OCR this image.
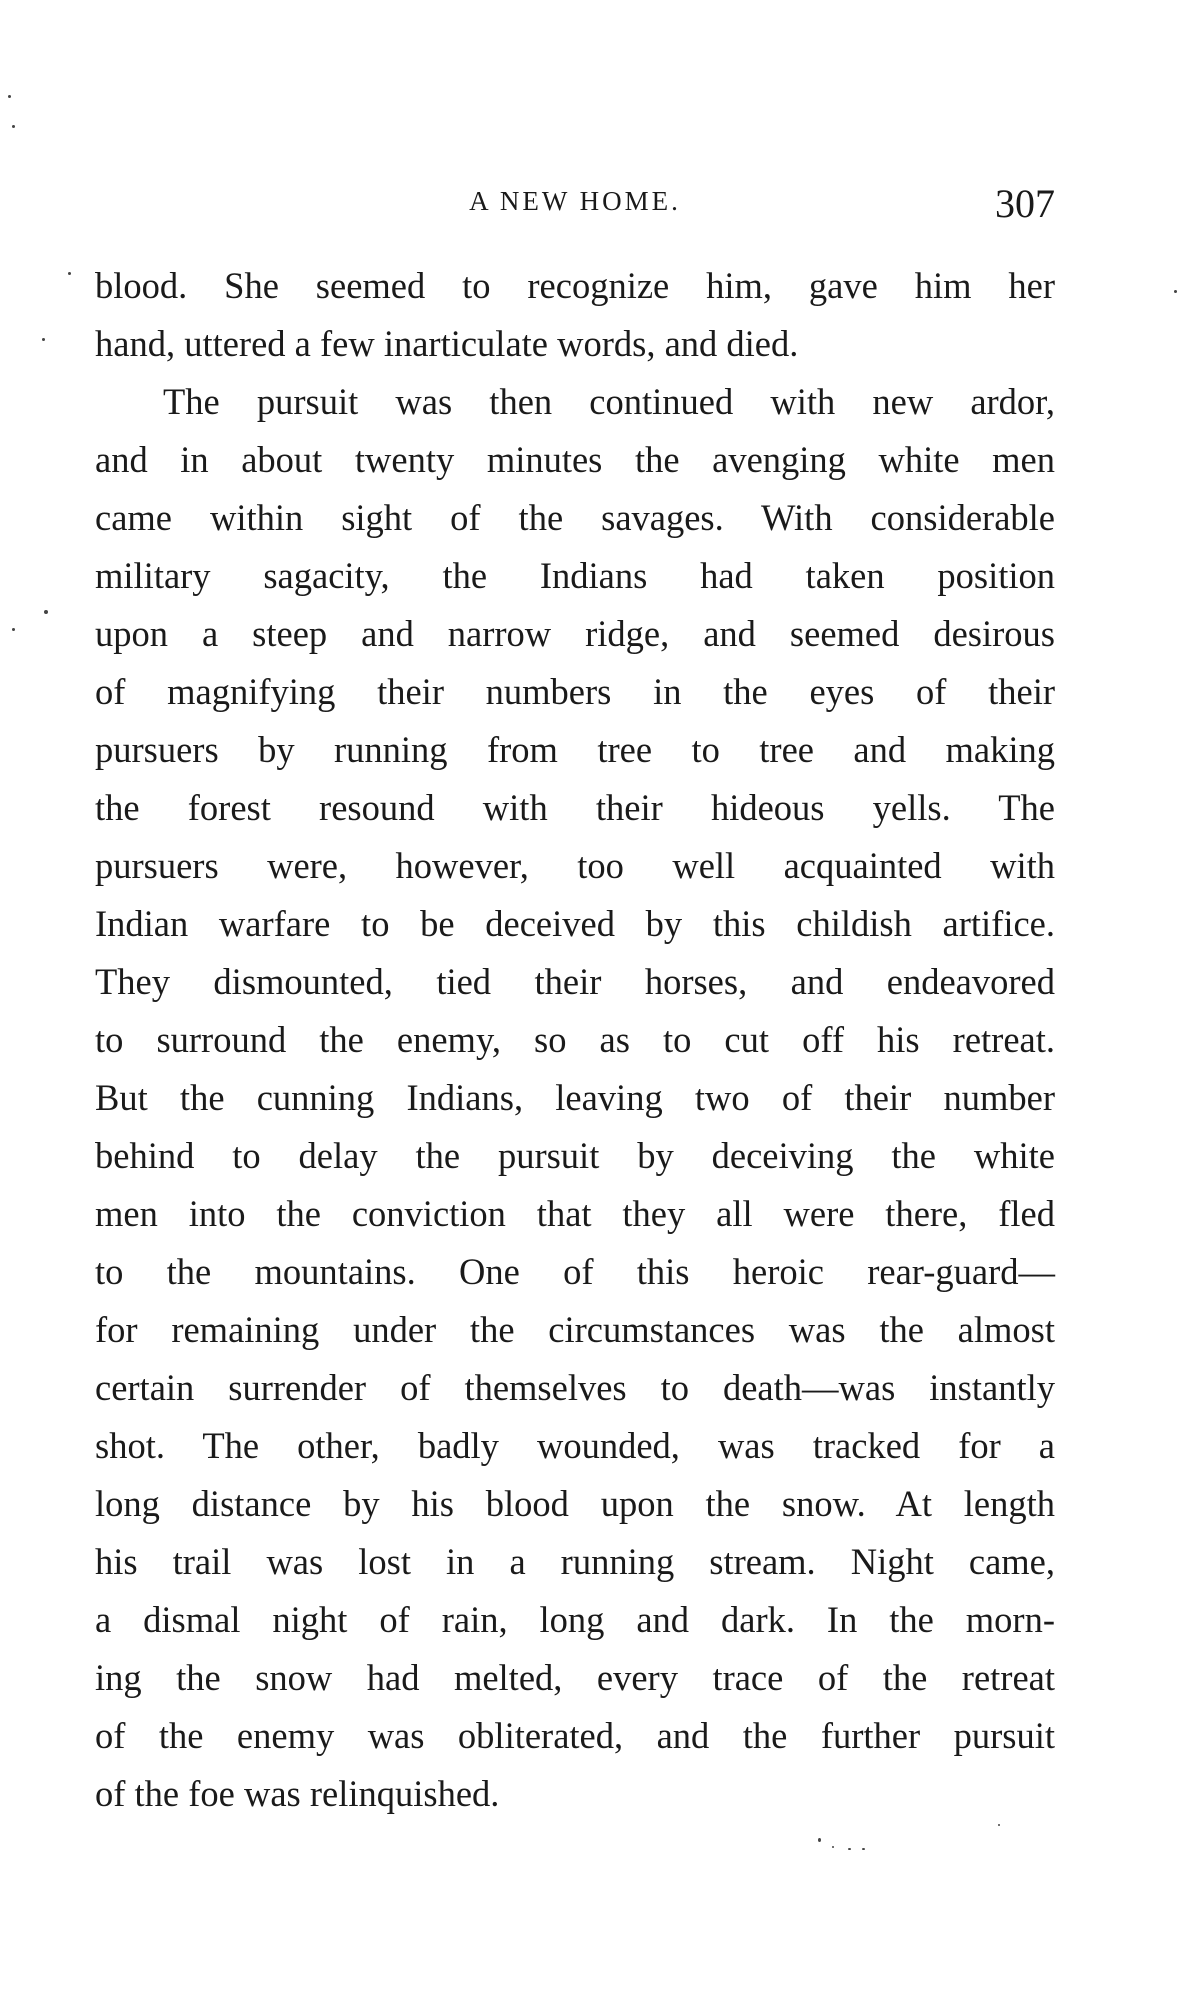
A NEW HOME.	307
blood. She seemed to recognize him, gave him her
hand, uttered a few inarticulate words, and died.
The pursuit was then continued with new ardor,
and in about twenty minutes the avenging white men
came within sight of the savages. With considerable
military sagacity, the Indians had taken position
upon a steep and narrow ridge, and seemed desirous
of magnifying their numbers in the eyes of their
pursuers by running from tree to tree and making
the forest resound with their hideous yells. The
pursuers were, however, too well acquainted with
Indian warfare to be deceived by this childish artifice.
They dismounted, tied their horses, and endeavored
to surround the enemy, so as to cut off his retreat.
But the cunning Indians, leaving two of their number
behind to delay the pursuit by deceiving the white
men into the conviction that they all were there, fled
to the mountains. One of this heroic rear-guard—
for remaining under the circumstances was the almost
certain surrender of themselves to death—was instantly
shot. The other, badly wounded, was tracked for a
long distance by his blood upon the snow. At length
his trail was lost in a running stream. Night came,
a dismal night of rain, long and dark. In the morn-
ing the snow had melted, every trace of the retreat
of the enemy was obliterated, and the further pursuit
of the foe was relinquished.
